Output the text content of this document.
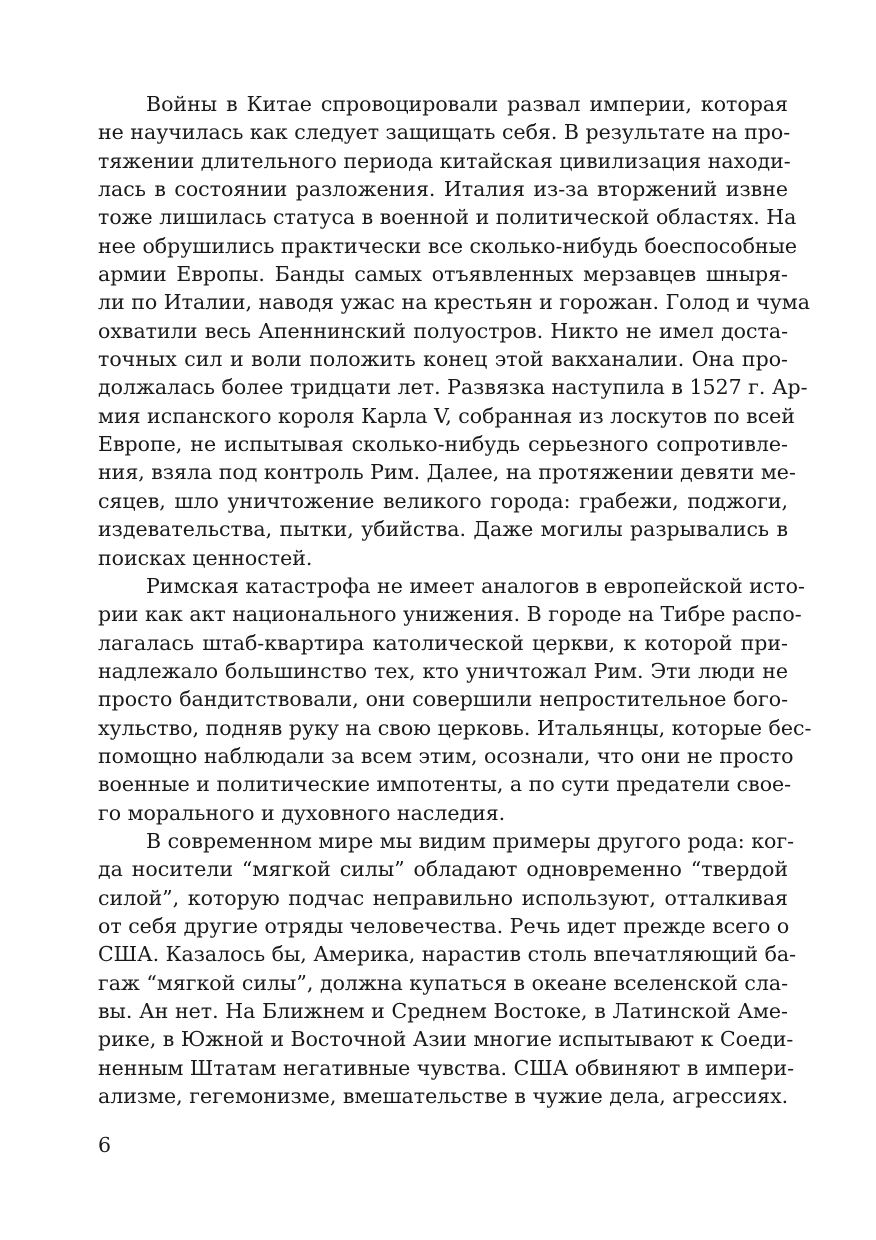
Войны в Китае спровоцировали развал империи, которая
не научилась как следует защищать себя. В результате на про-
тяжении длительного периода китайская цивилизация находи-
лась в состоянии разложения. Италия из-за вторжений извне
тоже лишилась статуса в военной и политической областях. На
нее обрушились практически все сколько-нибудь боеспособные
армии Европы. Банды самых отъявленных мерзавцев шныря-
ли по Италии, наводя ужас на крестьян и горожан. Голод и чума
охватили весь Апеннинский полуостров. Никто не имел доста-
точных сил и воли положить конец этой вакханалии. Она про-
должалась более тридцати лет. Развязка наступила в 1527 г. Ар-
мия испанского короля Карла V, собранная из лоскутов по всей
Европе, не испытывая сколько-нибудь серьезного сопротивле-
ния, взяла под контроль Рим. Далее, на протяжении девяти ме-
сяцев, шло уничтожение великого города: грабежи, поджоги,
издевательства, пытки, убийства. Даже могилы разрывались в
поисках ценностей.
Римская катастрофа не имеет аналогов в европейской исто-
рии как акт национального унижения. В городе на Тибре распо-
лагалась штаб-квартира католической церкви, к которой при-
надлежало большинство тех, кто уничтожал Рим. Эти люди не
просто бандитствовали, они совершили непростительное бого-
хульство, подняв руку на свою церковь. Итальянцы, которые бес-
помощно наблюдали за всем этим, осознали, что они не просто
военные и политические импотенты, а по сути предатели свое-
го морального и духовного наследия.
В современном мире мы видим примеры другого рода: ког-
да носители “мягкой силы” обладают одновременно “твердой
силой”, которую подчас неправильно используют, отталкивая
от себя другие отряды человечества. Речь идет прежде всего о
США. Казалось бы, Америка, нарастив столь впечатляющий ба-
гаж “мягкой силы”, должна купаться в океане вселенской сла-
вы. Ан нет. На Ближнем и Среднем Востоке, в Латинской Аме-
рике, в Южной и Восточной Азии многие испытывают к Соеди-
ненным Штатам негативные чувства. США обвиняют в импери-
ализме, гегемонизме, вмешательстве в чужие дела, агрессиях.
6
